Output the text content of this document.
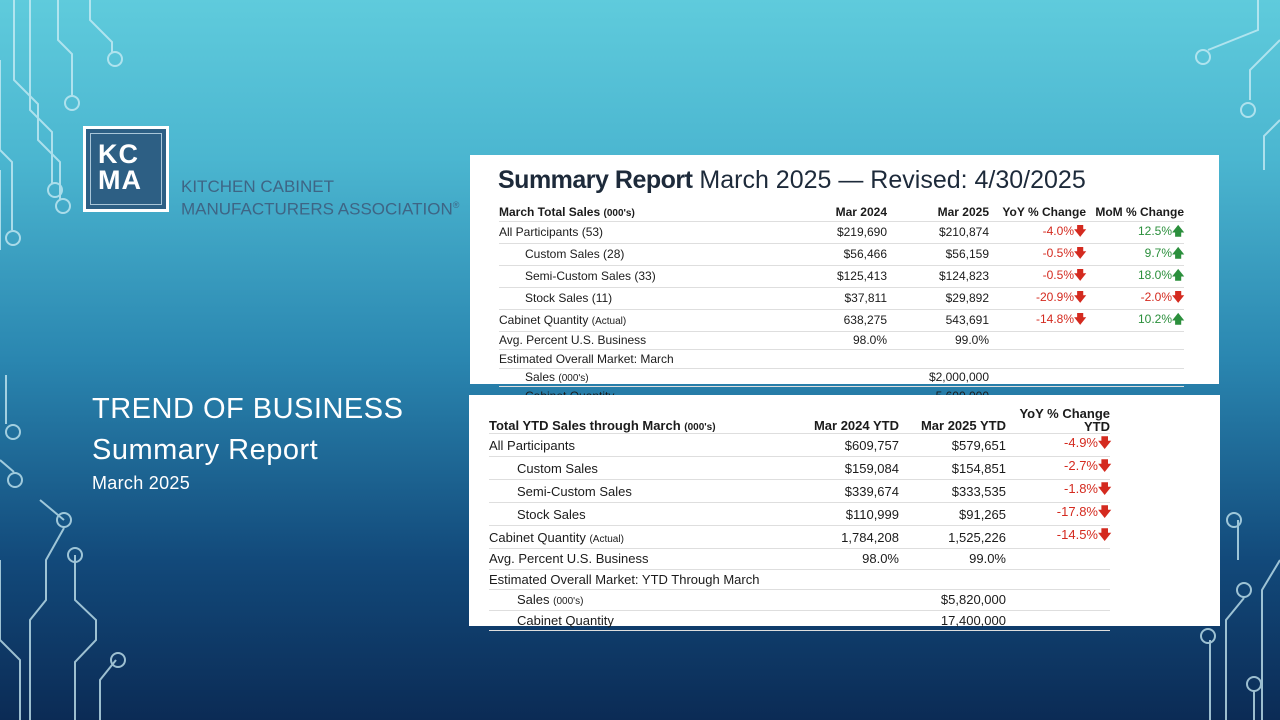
KC
MA	KITCHEN CABINET
MANUFACTURERS ASSOCIATION®
TREND OF BUSINESS
Summary Report
March 2025
Summary Report March 2025 — Revised: 4/30/2025
March Total Sales (000's)	Mar 2024	Mar 2025	YoY % Change	MoM % Change
All Participants (53)	$219,690	$210,874	-4.0%🡇	12.5%🡅
Custom Sales (28)	$56,466	$56,159	-0.5%🡇	9.7%🡅
Semi-Custom Sales (33)	$125,413	$124,823	-0.5%🡇	18.0%🡅
Stock Sales (11)	$37,811	$29,892	-20.9%🡇	-2.0%🡇
Cabinet Quantity (Actual)	638,275	543,691	-14.8%🡇	10.2%🡅
Avg. Percent U.S. Business	98.0%	99.0%		
Estimated Overall Market: March				
Sales (000's)		$2,000,000		

Total YTD Sales through March (000's)	Mar 2024 YTD	Mar 2025 YTD	YoY % Change
YTD
All Participants	$609,757	$579,651	-4.9%🡇
Custom Sales	$159,084	$154,851	-2.7%🡇
Semi-Custom Sales	$339,674	$333,535	-1.8%🡇
Stock Sales	$110,999	$91,265	-17.8%🡇
Cabinet Quantity (Actual)	1,784,208	1,525,226	-14.5%🡇
Avg. Percent U.S. Business	98.0%	99.0%	
Estimated Overall Market: YTD Through March			
Sales (000's)		$5,820,000	
Cabinet Quantity		17,400,000	
